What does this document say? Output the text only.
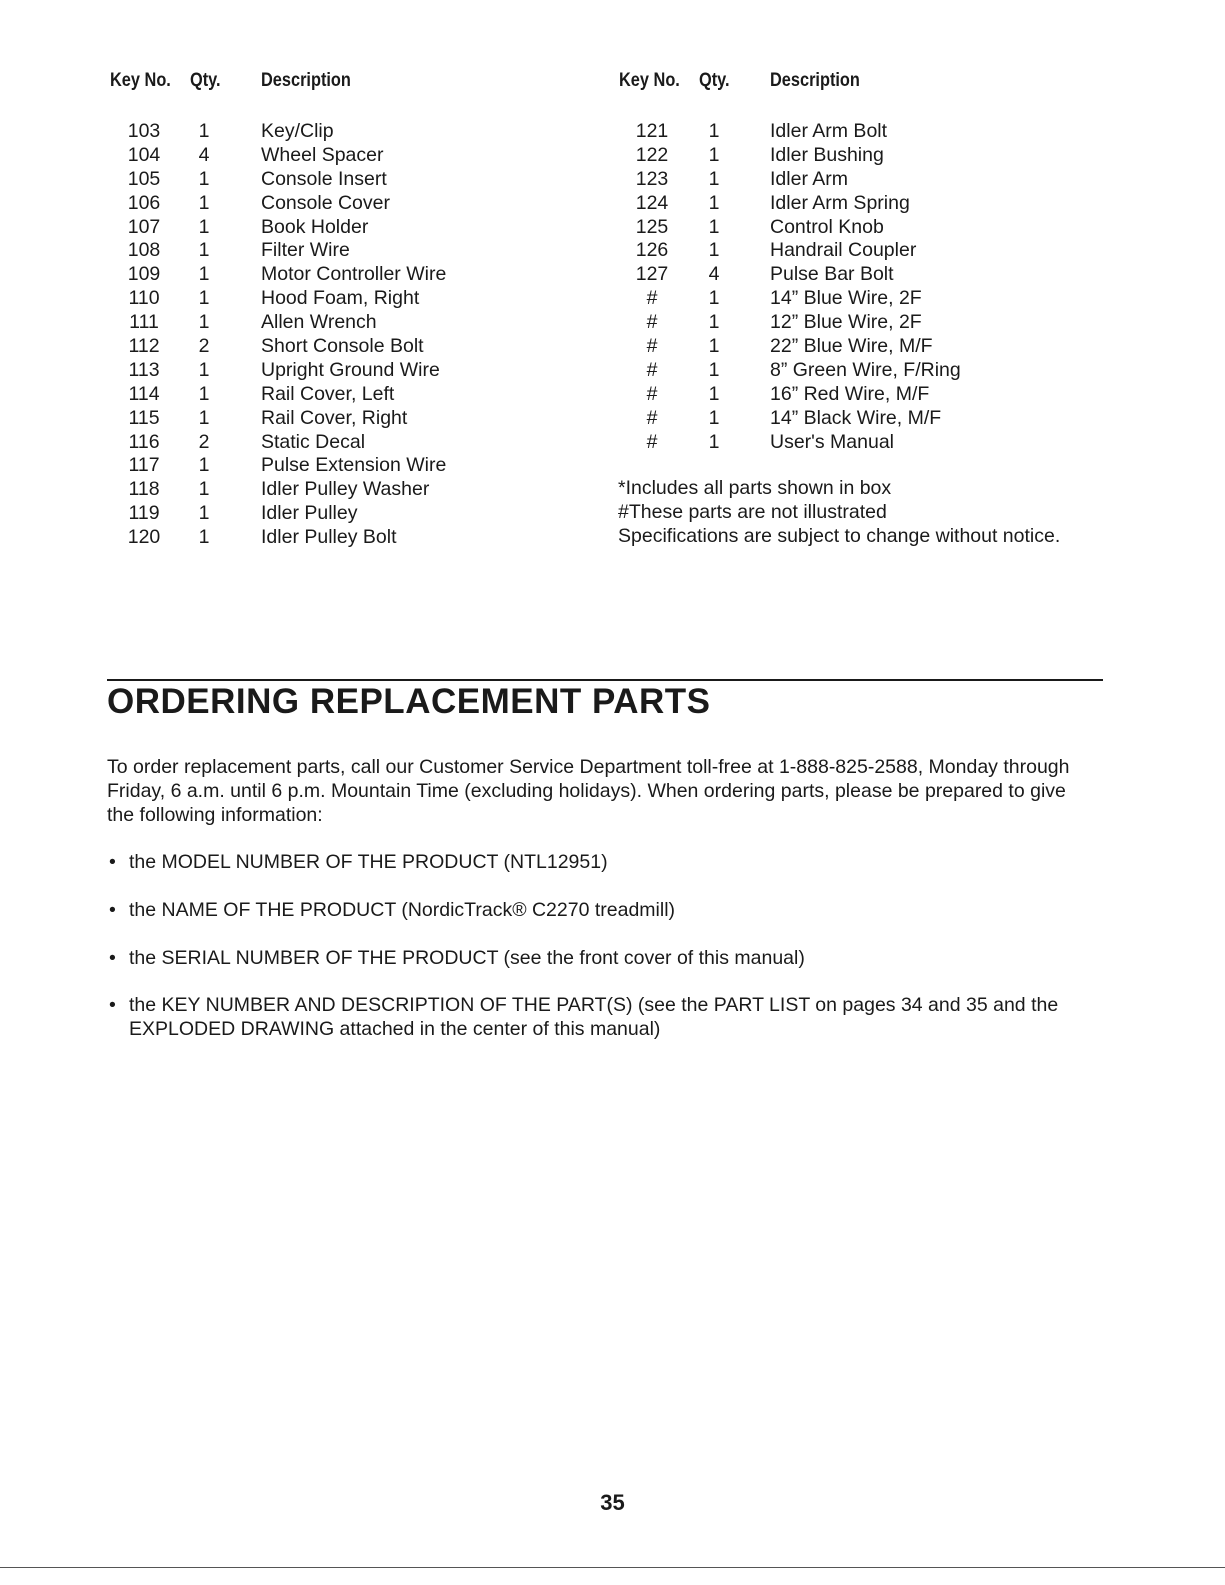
Key No. Qty. Description	Key No. Qty. Description
103	1	Key/Clip
104	4	Wheel Spacer
105	1	Console Insert
106	1	Console Cover
107	1	Book Holder
108	1	Filter Wire
109	1	Motor Controller Wire
110	1	Hood Foam, Right
111	1	Allen Wrench
112	2	Short Console Bolt
113	1	Upright Ground Wire
114	1	Rail Cover, Left
115	1	Rail Cover, Right
116	2	Static Decal
117	1	Pulse Extension Wire
118	1	Idler Pulley Washer
119	1	Idler Pulley
120	1	Idler Pulley Bolt
121	1	Idler Arm Bolt
122	1	Idler Bushing
123	1	Idler Arm
124	1	Idler Arm Spring
125	1	Control Knob
126	1	Handrail Coupler
127	4	Pulse Bar Bolt
#	1	14” Blue Wire, 2F
#	1	12” Blue Wire, 2F
#	1	22” Blue Wire, M/F
#	1	8” Green Wire, F/Ring
#	1	16” Red Wire, M/F
#	1	14” Black Wire, M/F
#	1	User's Manual
*Includes all parts shown in box
#These parts are not illustrated
Specifications are subject to change without notice.
ORDERING REPLACEMENT PARTS
To order replacement parts, call our Customer Service Department toll-free at 1-888-825-2588, Monday through Friday, 6 a.m. until 6 p.m. Mountain Time (excluding holidays). When ordering parts, please be prepared to give the following information:
• the MODEL NUMBER OF THE PRODUCT (NTL12951)
• the NAME OF THE PRODUCT (NordicTrack® C2270 treadmill)
• the SERIAL NUMBER OF THE PRODUCT (see the front cover of this manual)
• the KEY NUMBER AND DESCRIPTION OF THE PART(S) (see the PART LIST on pages 34 and 35 and the EXPLODED DRAWING attached in the center of this manual)
35
